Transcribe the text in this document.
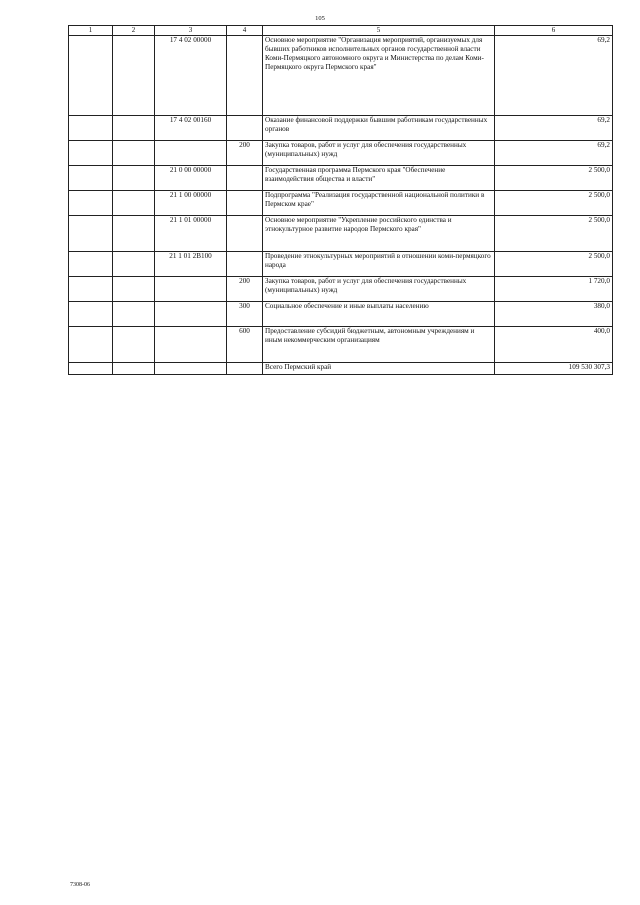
105
1	2	3	4	5	6
		17 4 02 00000		Основное мероприятие "Организация мероприятий, организуемых для бывших работников исполнительных органов государственной власти Коми-Пермяцкого автономного округа и Министерства по делам Коми-Пермяцкого округа Пермского края"	69,2
		17 4 02 00160		Оказание финансовой поддержки бывшим работникам государственных органов	69,2
			200	Закупка товаров, работ и услуг для обеспечения государственных (муниципальных) нужд	69,2
		21 0 00 00000		Государственная программа Пермского края "Обеспечение взаимодействия общества и власти"	2 500,0
		21 1 00 00000		Подпрограмма "Реализация государственной национальной политики в Пермском крае"	2 500,0
		21 1 01 00000		Основное мероприятие "Укрепление российского единства и этнокультурное развитие народов Пермского края"	2 500,0
		21 1 01 2В100		Проведение этнокультурных мероприятий в отношении коми-пермяцкого народа	2 500,0
			200	Закупка товаров, работ и услуг для обеспечения государственных (муниципальных) нужд	1 720,0
			300	Социальное обеспечение и иные выплаты населению	380,0
			600	Предоставление субсидий бюджетным, автономным учреждениям и иным некоммерческим организациям	400,0
				Всего Пермский край	109 530 307,3
7308-06
